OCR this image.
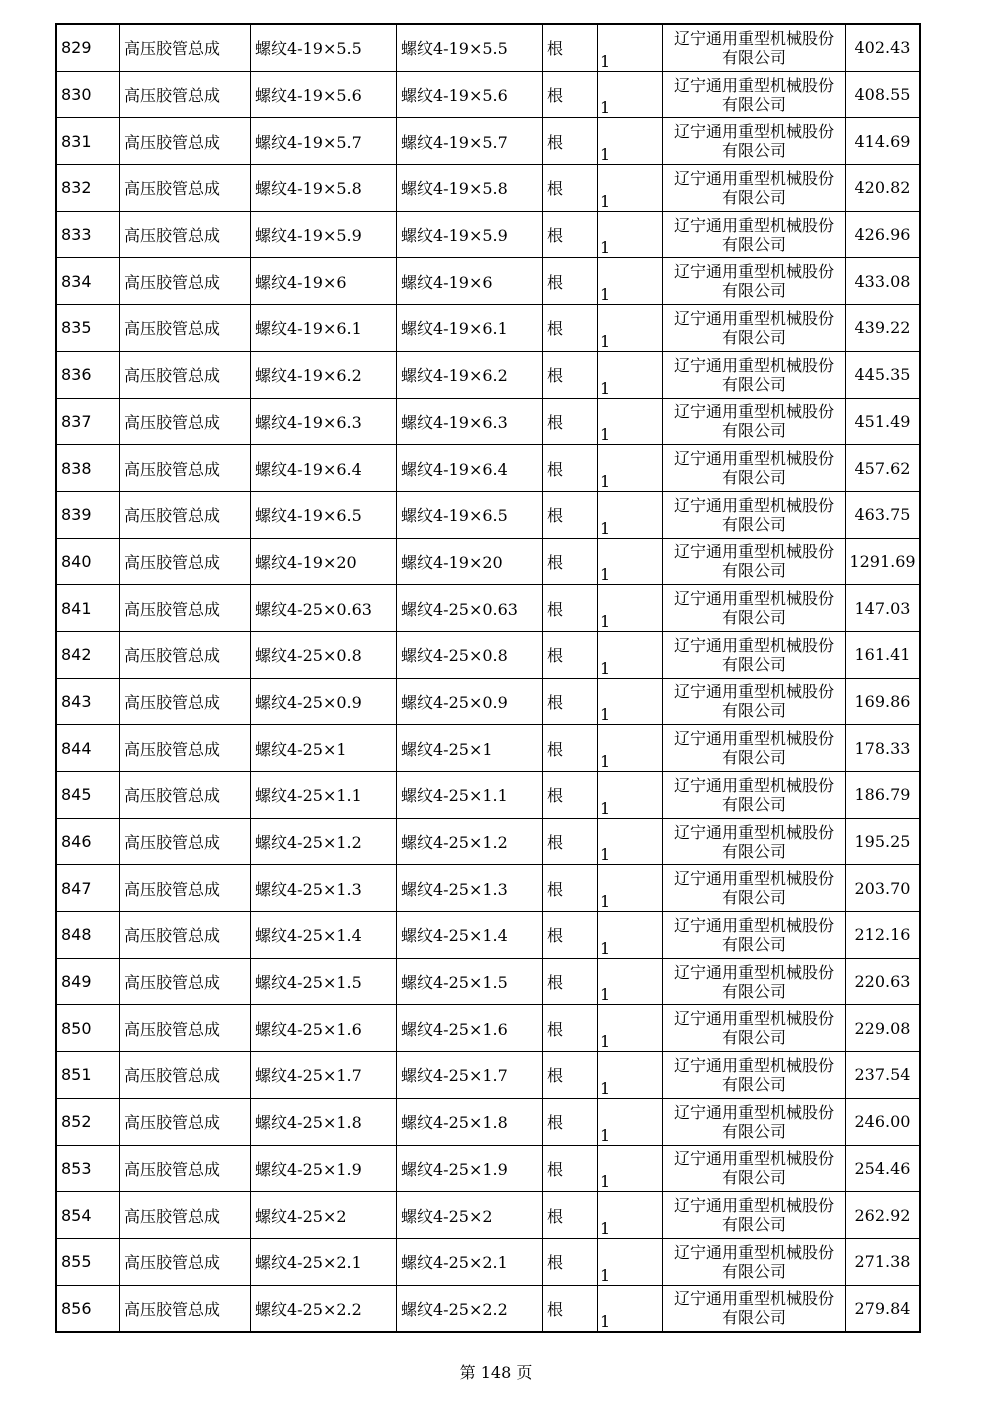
829	高压胶管总成	螺纹4-19×5.5	螺纹4-19×5.5	根	1	辽宁通用重型机械股份有限公司	402.43
830	高压胶管总成	螺纹4-19×5.6	螺纹4-19×5.6	根	1	辽宁通用重型机械股份有限公司	408.55
831	高压胶管总成	螺纹4-19×5.7	螺纹4-19×5.7	根	1	辽宁通用重型机械股份有限公司	414.69
832	高压胶管总成	螺纹4-19×5.8	螺纹4-19×5.8	根	1	辽宁通用重型机械股份有限公司	420.82
833	高压胶管总成	螺纹4-19×5.9	螺纹4-19×5.9	根	1	辽宁通用重型机械股份有限公司	426.96
834	高压胶管总成	螺纹4-19×6	螺纹4-19×6	根	1	辽宁通用重型机械股份有限公司	433.08
835	高压胶管总成	螺纹4-19×6.1	螺纹4-19×6.1	根	1	辽宁通用重型机械股份有限公司	439.22
836	高压胶管总成	螺纹4-19×6.2	螺纹4-19×6.2	根	1	辽宁通用重型机械股份有限公司	445.35
837	高压胶管总成	螺纹4-19×6.3	螺纹4-19×6.3	根	1	辽宁通用重型机械股份有限公司	451.49
838	高压胶管总成	螺纹4-19×6.4	螺纹4-19×6.4	根	1	辽宁通用重型机械股份有限公司	457.62
839	高压胶管总成	螺纹4-19×6.5	螺纹4-19×6.5	根	1	辽宁通用重型机械股份有限公司	463.75
840	高压胶管总成	螺纹4-19×20	螺纹4-19×20	根	1	辽宁通用重型机械股份有限公司	1291.69
841	高压胶管总成	螺纹4-25×0.63	螺纹4-25×0.63	根	1	辽宁通用重型机械股份有限公司	147.03
842	高压胶管总成	螺纹4-25×0.8	螺纹4-25×0.8	根	1	辽宁通用重型机械股份有限公司	161.41
843	高压胶管总成	螺纹4-25×0.9	螺纹4-25×0.9	根	1	辽宁通用重型机械股份有限公司	169.86
844	高压胶管总成	螺纹4-25×1	螺纹4-25×1	根	1	辽宁通用重型机械股份有限公司	178.33
845	高压胶管总成	螺纹4-25×1.1	螺纹4-25×1.1	根	1	辽宁通用重型机械股份有限公司	186.79
846	高压胶管总成	螺纹4-25×1.2	螺纹4-25×1.2	根	1	辽宁通用重型机械股份有限公司	195.25
847	高压胶管总成	螺纹4-25×1.3	螺纹4-25×1.3	根	1	辽宁通用重型机械股份有限公司	203.70
848	高压胶管总成	螺纹4-25×1.4	螺纹4-25×1.4	根	1	辽宁通用重型机械股份有限公司	212.16
849	高压胶管总成	螺纹4-25×1.5	螺纹4-25×1.5	根	1	辽宁通用重型机械股份有限公司	220.63
850	高压胶管总成	螺纹4-25×1.6	螺纹4-25×1.6	根	1	辽宁通用重型机械股份有限公司	229.08
851	高压胶管总成	螺纹4-25×1.7	螺纹4-25×1.7	根	1	辽宁通用重型机械股份有限公司	237.54
852	高压胶管总成	螺纹4-25×1.8	螺纹4-25×1.8	根	1	辽宁通用重型机械股份有限公司	246.00
853	高压胶管总成	螺纹4-25×1.9	螺纹4-25×1.9	根	1	辽宁通用重型机械股份有限公司	254.46
854	高压胶管总成	螺纹4-25×2	螺纹4-25×2	根	1	辽宁通用重型机械股份有限公司	262.92
855	高压胶管总成	螺纹4-25×2.1	螺纹4-25×2.1	根	1	辽宁通用重型机械股份有限公司	271.38
856	高压胶管总成	螺纹4-25×2.2	螺纹4-25×2.2	根	1	辽宁通用重型机械股份有限公司	279.84
第 148 页
